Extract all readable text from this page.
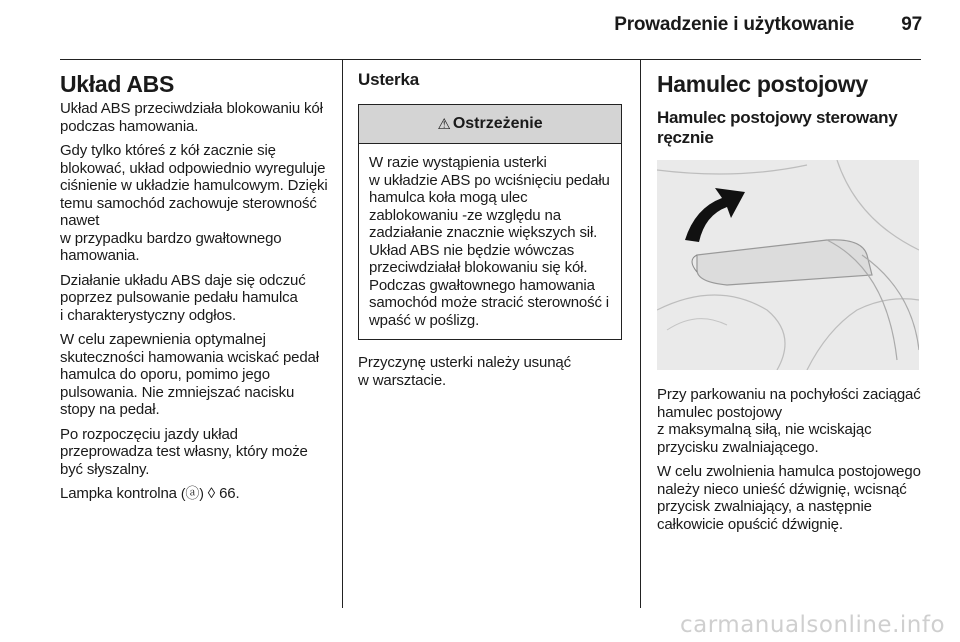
Prowadzenie i użytkowanie 97
Układ ABS

Układ ABS przeciwdziała blokowaniu kół podczas hamowania.

Gdy tylko któreś z kół zacznie się blokować, układ odpowiednio wyreguluje ciśnienie w układzie hamulcowym. Dzięki temu samochód zachowuje sterowność nawet
w przypadku bardzo gwałtownego hamowania.

Działanie układu ABS daje się odczuć poprzez pulsowanie pedału hamulca
i charakterystyczny odgłos.

W celu zapewnienia optymalnej skuteczności hamowania wciskać pedał hamulca do oporu, pomimo jego pulsowania. Nie zmniejszać nacisku stopy na pedał.

Po rozpoczęciu jazdy układ przeprowadza test własny, który może być słyszalny.

Lampka kontrolna (ⓐ) ◊ 66.

Usterka
⚠ Ostrzeżenie

W razie wystąpienia usterki
w układzie ABS po wciśnięciu pedału hamulca koła mogą ulec zablokowaniu -ze względu na zadziałanie znacznie większych sił. Układ ABS nie będzie wówczas przeciwdziałał blokowaniu się kół. Podczas gwałtownego hamowania samochód może stracić sterowność i wpaść w poślizg.

Przyczynę usterki należy usunąć
w warsztacie.

Hamulec postojowy
Hamulec postojowy sterowany ręcznie

Przy parkowaniu na pochyłości zaciągać hamulec postojowy
z maksymalną siłą, nie wciskając przycisku zwalniającego.

W celu zwolnienia hamulca postojowego należy nieco unieść dźwignię, wcisnąć przycisk zwalniający, a następnie całkowicie opuścić dźwignię.

carmanualsonline.info
